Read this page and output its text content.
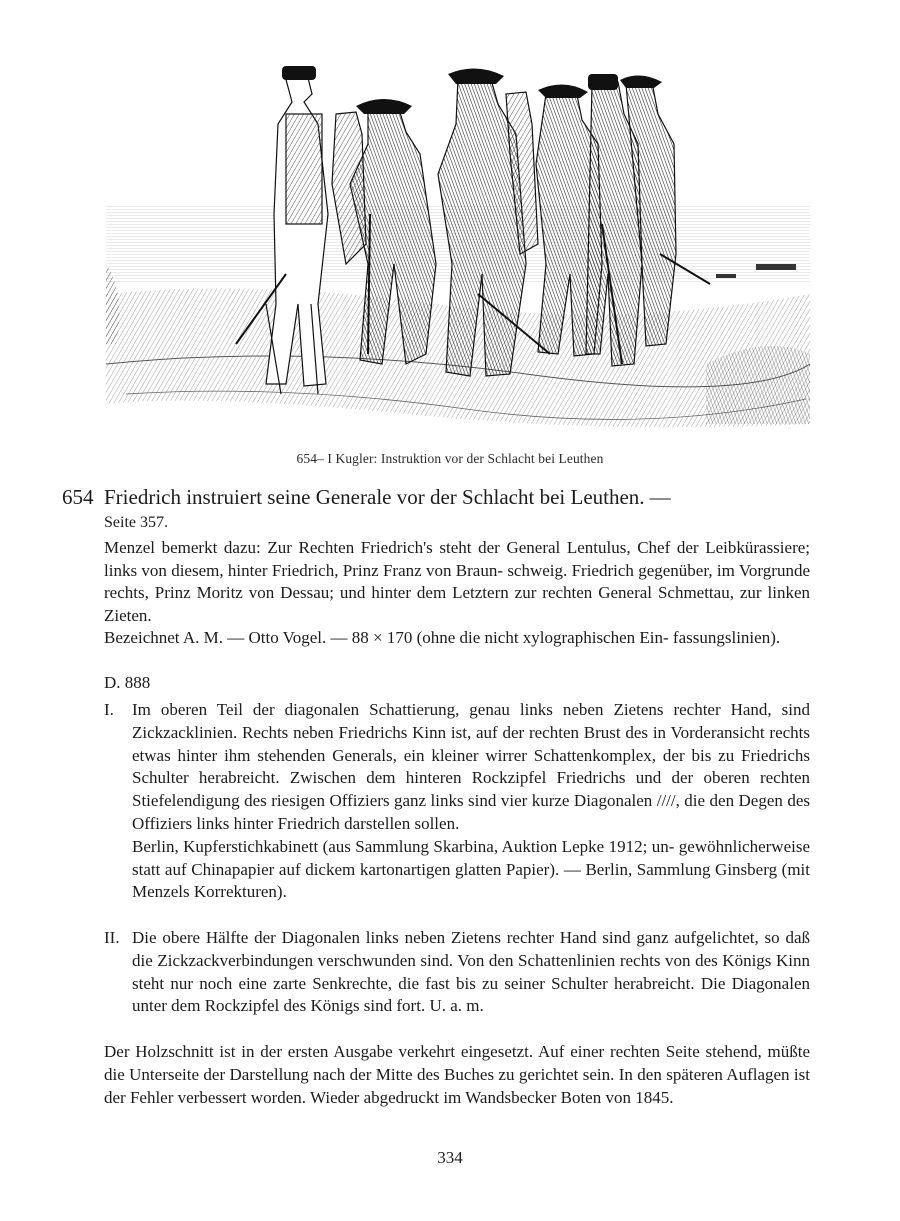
654– I Kugler: Instruktion vor der Schlacht bei Leuthen
654 Friedrich instruiert seine Generale vor der Schlacht bei Leuthen. —
Seite 357.
Menzel bemerkt dazu: Zur Rechten Friedrich's steht der General Lentulus, Chef der Leibkürassiere; links von diesem, hinter Friedrich, Prinz Franz von Braun- schweig. Friedrich gegenüber, im Vorgrunde rechts, Prinz Moritz von Dessau; und hinter dem Letztern zur rechten General Schmettau, zur linken Zieten.
Bezeichnet A. M. — Otto Vogel. — 88 × 170 (ohne die nicht xylographischen Ein- fassungslinien).
D. 888
I.	Im oberen Teil der diagonalen Schattierung, genau links neben Zietens rechter Hand, sind Zickzacklinien. Rechts neben Friedrichs Kinn ist, auf der rechten Brust des in Vorderansicht rechts etwas hinter ihm stehenden Generals, ein kleiner wirrer Schattenkomplex, der bis zu Friedrichs Schulter herabreicht. Zwischen dem hinteren Rockzipfel Friedrichs und der oberen rechten Stiefelendigung des riesigen Offiziers ganz links sind vier kurze Diagonalen ////, die den Degen des Offiziers links hinter Friedrich darstellen sollen.
Berlin, Kupferstichkabinett (aus Sammlung Skarbina, Auktion Lepke 1912; un- gewöhnlicherweise statt auf Chinapapier auf dickem kartonartigen glatten Papier). — Berlin, Sammlung Ginsberg (mit Menzels Korrekturen).
II. Die obere Hälfte der Diagonalen links neben Zietens rechter Hand sind ganz aufgelichtet, so daß die Zickzackverbindungen verschwunden sind. Von den Schattenlinien rechts von des Königs Kinn steht nur noch eine zarte Senkrechte, die fast bis zu seiner Schulter herabreicht. Die Diagonalen unter dem Rockzipfel des Königs sind fort. U. a. m.
Der Holzschnitt ist in der ersten Ausgabe verkehrt eingesetzt. Auf einer rechten Seite stehend, müßte die Unterseite der Darstellung nach der Mitte des Buches zu gerichtet sein. In den späteren Auflagen ist der Fehler verbessert worden. Wieder abgedruckt im Wandsbecker Boten von 1845.
334
